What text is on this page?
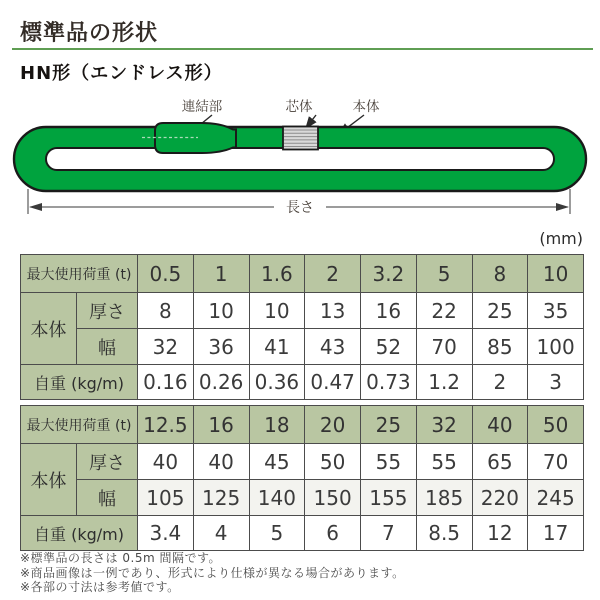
標準品の形状
HN形（エンドレス形）
連結部	芯体	本体
長さ
(mm)
最大使用荷重 (t)		0.5	1	1.6	2	3.2	5	8	10
本体	厚さ	8	10	10	13	16	22	25	35
	幅	32	36	41	43	52	70	85	100
自重 (kg/m)		0.16	0.26	0.36	0.47	0.73	1.2	2	3
最大使用荷重 (t)		12.5	16	18	20	25	32	40	50
本体	厚さ	40	40	45	50	55	55	65	70
	幅	105	125	140	150	155	185	220	245
自重 (kg/m)		3.4	4	5	6	7	8.5	12	17
※標準品の長さは 0.5m 間隔です。
※商品画像は一例であり、形式により仕様が異なる場合があります。
※各部の寸法は参考値です。
